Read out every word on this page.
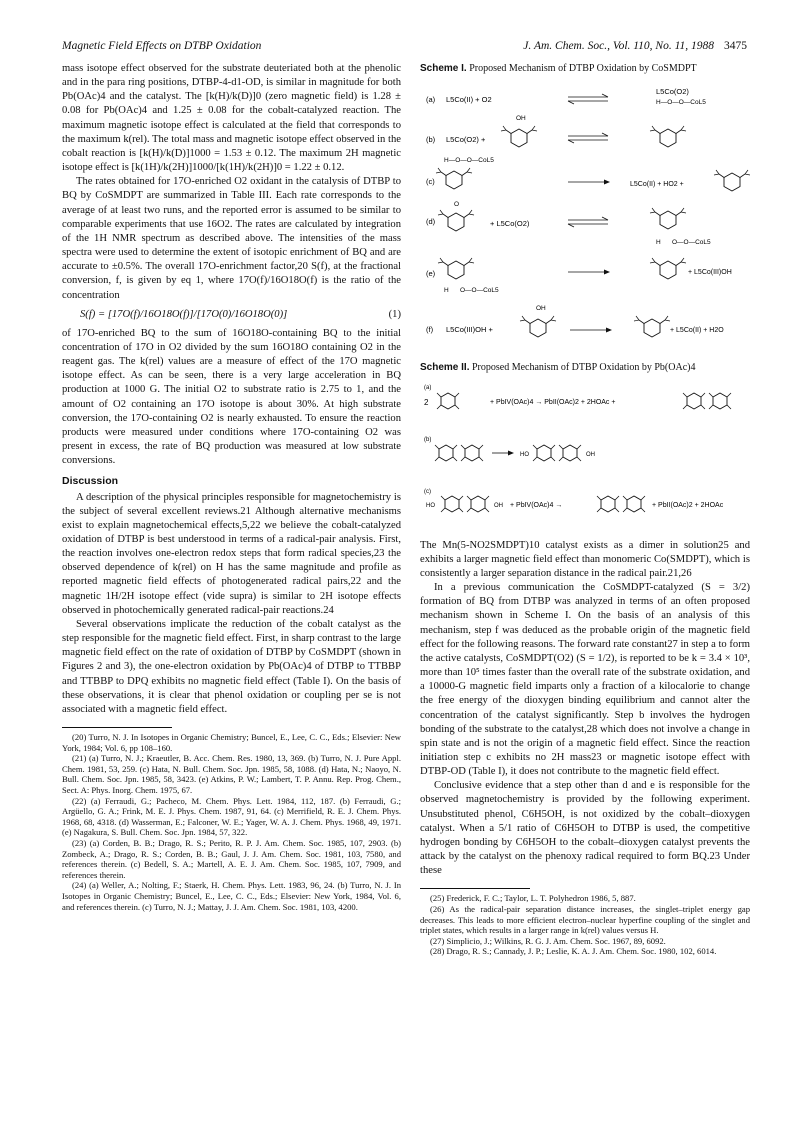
Magnetic Field Effects on DTBP Oxidation	J. Am. Chem. Soc., Vol. 110, No. 11, 1988 3475

mass isotope effect observed for the substrate deuteriated both at the phenolic and in the para ring positions, DTBP-4-d1-OD, is similar in magnitude for both Pb(OAc)4 and the catalyst. The [k(H)/k(D)]0 (zero magnetic field) is 1.28 ± 0.08 for Pb(OAc)4 and 1.25 ± 0.08 for the cobalt-catalyzed reaction. The maximum magnetic isotope effect is calculated at the field that corresponds to the maximum k(rel). The total mass and magnetic isotope effect observed in the cobalt reaction is [k(H)/k(D)]1000 = 1.53 ± 0.12. The maximum 2H magnetic isotope effect is [k(1H)/k(2H)]1000/[k(1H)/k(2H)]0 = 1.22 ± 0.12.

The rates obtained for 17O-enriched O2 oxidant in the catalysis of DTBP to BQ by CoSMDPT are summarized in Table III. Each rate corresponds to the average of at least two runs, and the reported error is assumed to be similar to comparable experiments that use 16O2. The rates are calculated by integration of the 1H NMR spectrum as described above. The intensities of the mass spectra were used to determine the extent of isotopic enrichment of BQ and are accurate to ±0.5%. The overall 17O-enrichment factor,20 S(f), at the fractional conversion, f, is given by eq 1, where 17O(f)/16O18O(f) is the ratio of the concentration

S(f) = [17O(f)/16O18O(f)]/[17O(0)/16O18O(0)]	(1)

of 17O-enriched BQ to the sum of 16O18O-containing BQ to the initial concentration of 17O in O2 divided by the sum 16O18O containing O2 in the reagent gas. The k(rel) values are a measure of effect of the 17O magnetic isotope effect. As can be seen, there is a very large acceleration in BQ production at 1000 G. The initial O2 to substrate ratio is 2.75 to 1, and the amount of O2 containing an 17O isotope is about 30%. At high substrate conversion, the 17O-containing O2 is nearly exhausted. To ensure the reaction products were measured under conditions where 17O-containing O2 was present in excess, the rate of BQ production was measured at low substrate conversions.

Discussion

A description of the physical principles responsible for magnetochemistry is the subject of several excellent reviews.21 Although alternative mechanisms exist to explain magnetochemical effects,5,22 we believe the cobalt-catalyzed oxidation of DTBP is best understood in terms of a radical-pair analysis. First, the reaction involves one-electron redox steps that form radical species,23 the observed dependence of k(rel) on H has the same magnitude and profile as reported magnetic field effects of photogenerated radical pairs,22 and the magnetic 1H/2H isotope effect (vide supra) is similar to 2H isotope effects observed in photochemically generated radical-pair reactions.24

Several observations implicate the reduction of the cobalt catalyst as the step responsible for the magnetic field effect. First, in sharp contrast to the large magnetic field effect on the rate of oxidation of DTBP by CoSMDPT (shown in Figures 2 and 3), the one-electron oxidation by Pb(OAc)4 of DTBP to TTBBP and TTBBP to DPQ exhibits no magnetic field effect (Table I). On the basis of these observations, it is clear that phenol oxidation or coupling per se is not associated with a magnetic field effect.

(20) Turro, N. J. In Isotopes in Organic Chemistry; Buncel, E., Lee, C. C., Eds.; Elsevier: New York, 1984; Vol. 6, pp 108–160.

(21) (a) Turro, N. J.; Kraeutler, B. Acc. Chem. Res. 1980, 13, 369. (b) Turro, N. J. Pure Appl. Chem. 1981, 53, 259. (c) Hata, N. Bull. Chem. Soc. Jpn. 1985, 58, 1088. (d) Hata, N.; Naoyo, N. Bull. Chem. Soc. Jpn. 1985, 58, 3423. (e) Atkins, P. W.; Lambert, T. P. Annu. Rep. Prog. Chem., Sect. A: Phys. Inorg. Chem. 1975, 67.

(22) (a) Ferraudi, G.; Pacheco, M. Chem. Phys. Lett. 1984, 112, 187. (b) Ferraudi, G.; Argüello, G. A.; Frink, M. E. J. Phys. Chem. 1987, 91, 64. (c) Merrifield, R. E. J. Chem. Phys. 1968, 68, 4318. (d) Wasserman, E.; Falconer, W. E.; Yager, W. A. J. Chem. Phys. 1968, 49, 1971. (e) Nagakura, S. Bull. Chem. Soc. Jpn. 1984, 57, 322.

(23) (a) Corden, B. B.; Drago, R. S.; Perito, R. P. J. Am. Chem. Soc. 1985, 107, 2903. (b) Zombeck, A.; Drago, R. S.; Corden, B. B.; Gaul, J. J. Am. Chem. Soc. 1981, 103, 7580, and references therein. (c) Bedell, S. A.; Martell, A. E. J. Am. Chem. Soc. 1985, 107, 7909, and references therein.

(24) (a) Weller, A.; Nolting, F.; Staerk, H. Chem. Phys. Lett. 1983, 96, 24. (b) Turro, N. J. In Isotopes in Organic Chemistry; Buncel, E., Lee, C. C., Eds.; Elsevier: New York, 1984, Vol. 6, and references therein. (c) Turro, N. J.; Mattay, J. J. Am. Chem. Soc. 1981, 103, 4200.

Scheme I. Proposed Mechanism of DTBP Oxidation by CoSMDPT
(a) L5Co(II) + O2
L5Co(O2)
H—O—O—CoL5
(b) L5Co(O2) +
OH
(c)
H—O—O—CoL5
L5Co(II) + HO2 +
(d)
O
+ L5Co(O2)
H O—O—CoL5
(e)
H O—O—CoL5
+ L5Co(III)OH
(f) L5Co(III)OH +
OH
+ L5Co(II) + H2O
Scheme II. Proposed Mechanism of DTBP Oxidation by Pb(OAc)4
(a)
2	+ PbIV(OAc)4 → PbII(OAc)2 + 2HOAc +
(b)
HO	OH
(c)
HO	OH + PbIV(OAc)4 →	+ PbII(OAc)2 + 2HOAc

The Mn(5-NO2SMDPT)10 catalyst exists as a dimer in solution25 and exhibits a larger magnetic field effect than monomeric Co(SMDPT), which is consistently a larger separation distance in the radical pair.21,26

In a previous communication the CoSMDPT-catalyzed (S = 3/2) formation of BQ from DTBP was analyzed in terms of an often proposed mechanism shown in Scheme I. On the basis of an analysis of this mechanism, step f was deduced as the probable origin of the magnetic field effect for the following reasons. The forward rate constant27 in step a to form the active catalysts, CoSMDPT(O2) (S = 1/2), is reported to be k = 3.4 × 10³, more than 10⁵ times faster than the overall rate of the substrate oxidation, and a 10000-G magnetic field imparts only a fraction of a kilocalorie to change the free energy of the dioxygen binding equilibrium and cannot alter the concentration of the catalyst significantly. Step b involves the hydrogen bonding of the substrate to the catalyst,28 which does not involve a change in spin state and is not the origin of a magnetic field effect. Since the reaction initiation step c exhibits no 2H mass23 or magnetic isotope effect with DTBP-OD (Table I), it does not contribute to the magnetic field effect.

Conclusive evidence that a step other than d and e is responsible for the observed magnetochemistry is provided by the following experiment. Unsubstituted phenol, C6H5OH, is not oxidized by the cobalt–dioxygen catalyst. When a 5/1 ratio of C6H5OH to DTBP is used, the competitive hydrogen bonding by C6H5OH to the cobalt–dioxygen catalyst prevents the attack by the catalyst on the phenoxy radical required to form BQ.23 Under these

(25) Frederick, F. C.; Taylor, L. T. Polyhedron 1986, 5, 887.

(26) As the radical-pair separation distance increases, the singlet–triplet energy gap decreases. This leads to more efficient electron–nuclear hyperfine coupling of the singlet and triplet states, which results in a larger range in k(rel) values versus H.

(27) Simplicio, J.; Wilkins, R. G. J. Am. Chem. Soc. 1967, 89, 6092.

(28) Drago, R. S.; Cannady, J. P.; Leslie, K. A. J. Am. Chem. Soc. 1980, 102, 6014.
